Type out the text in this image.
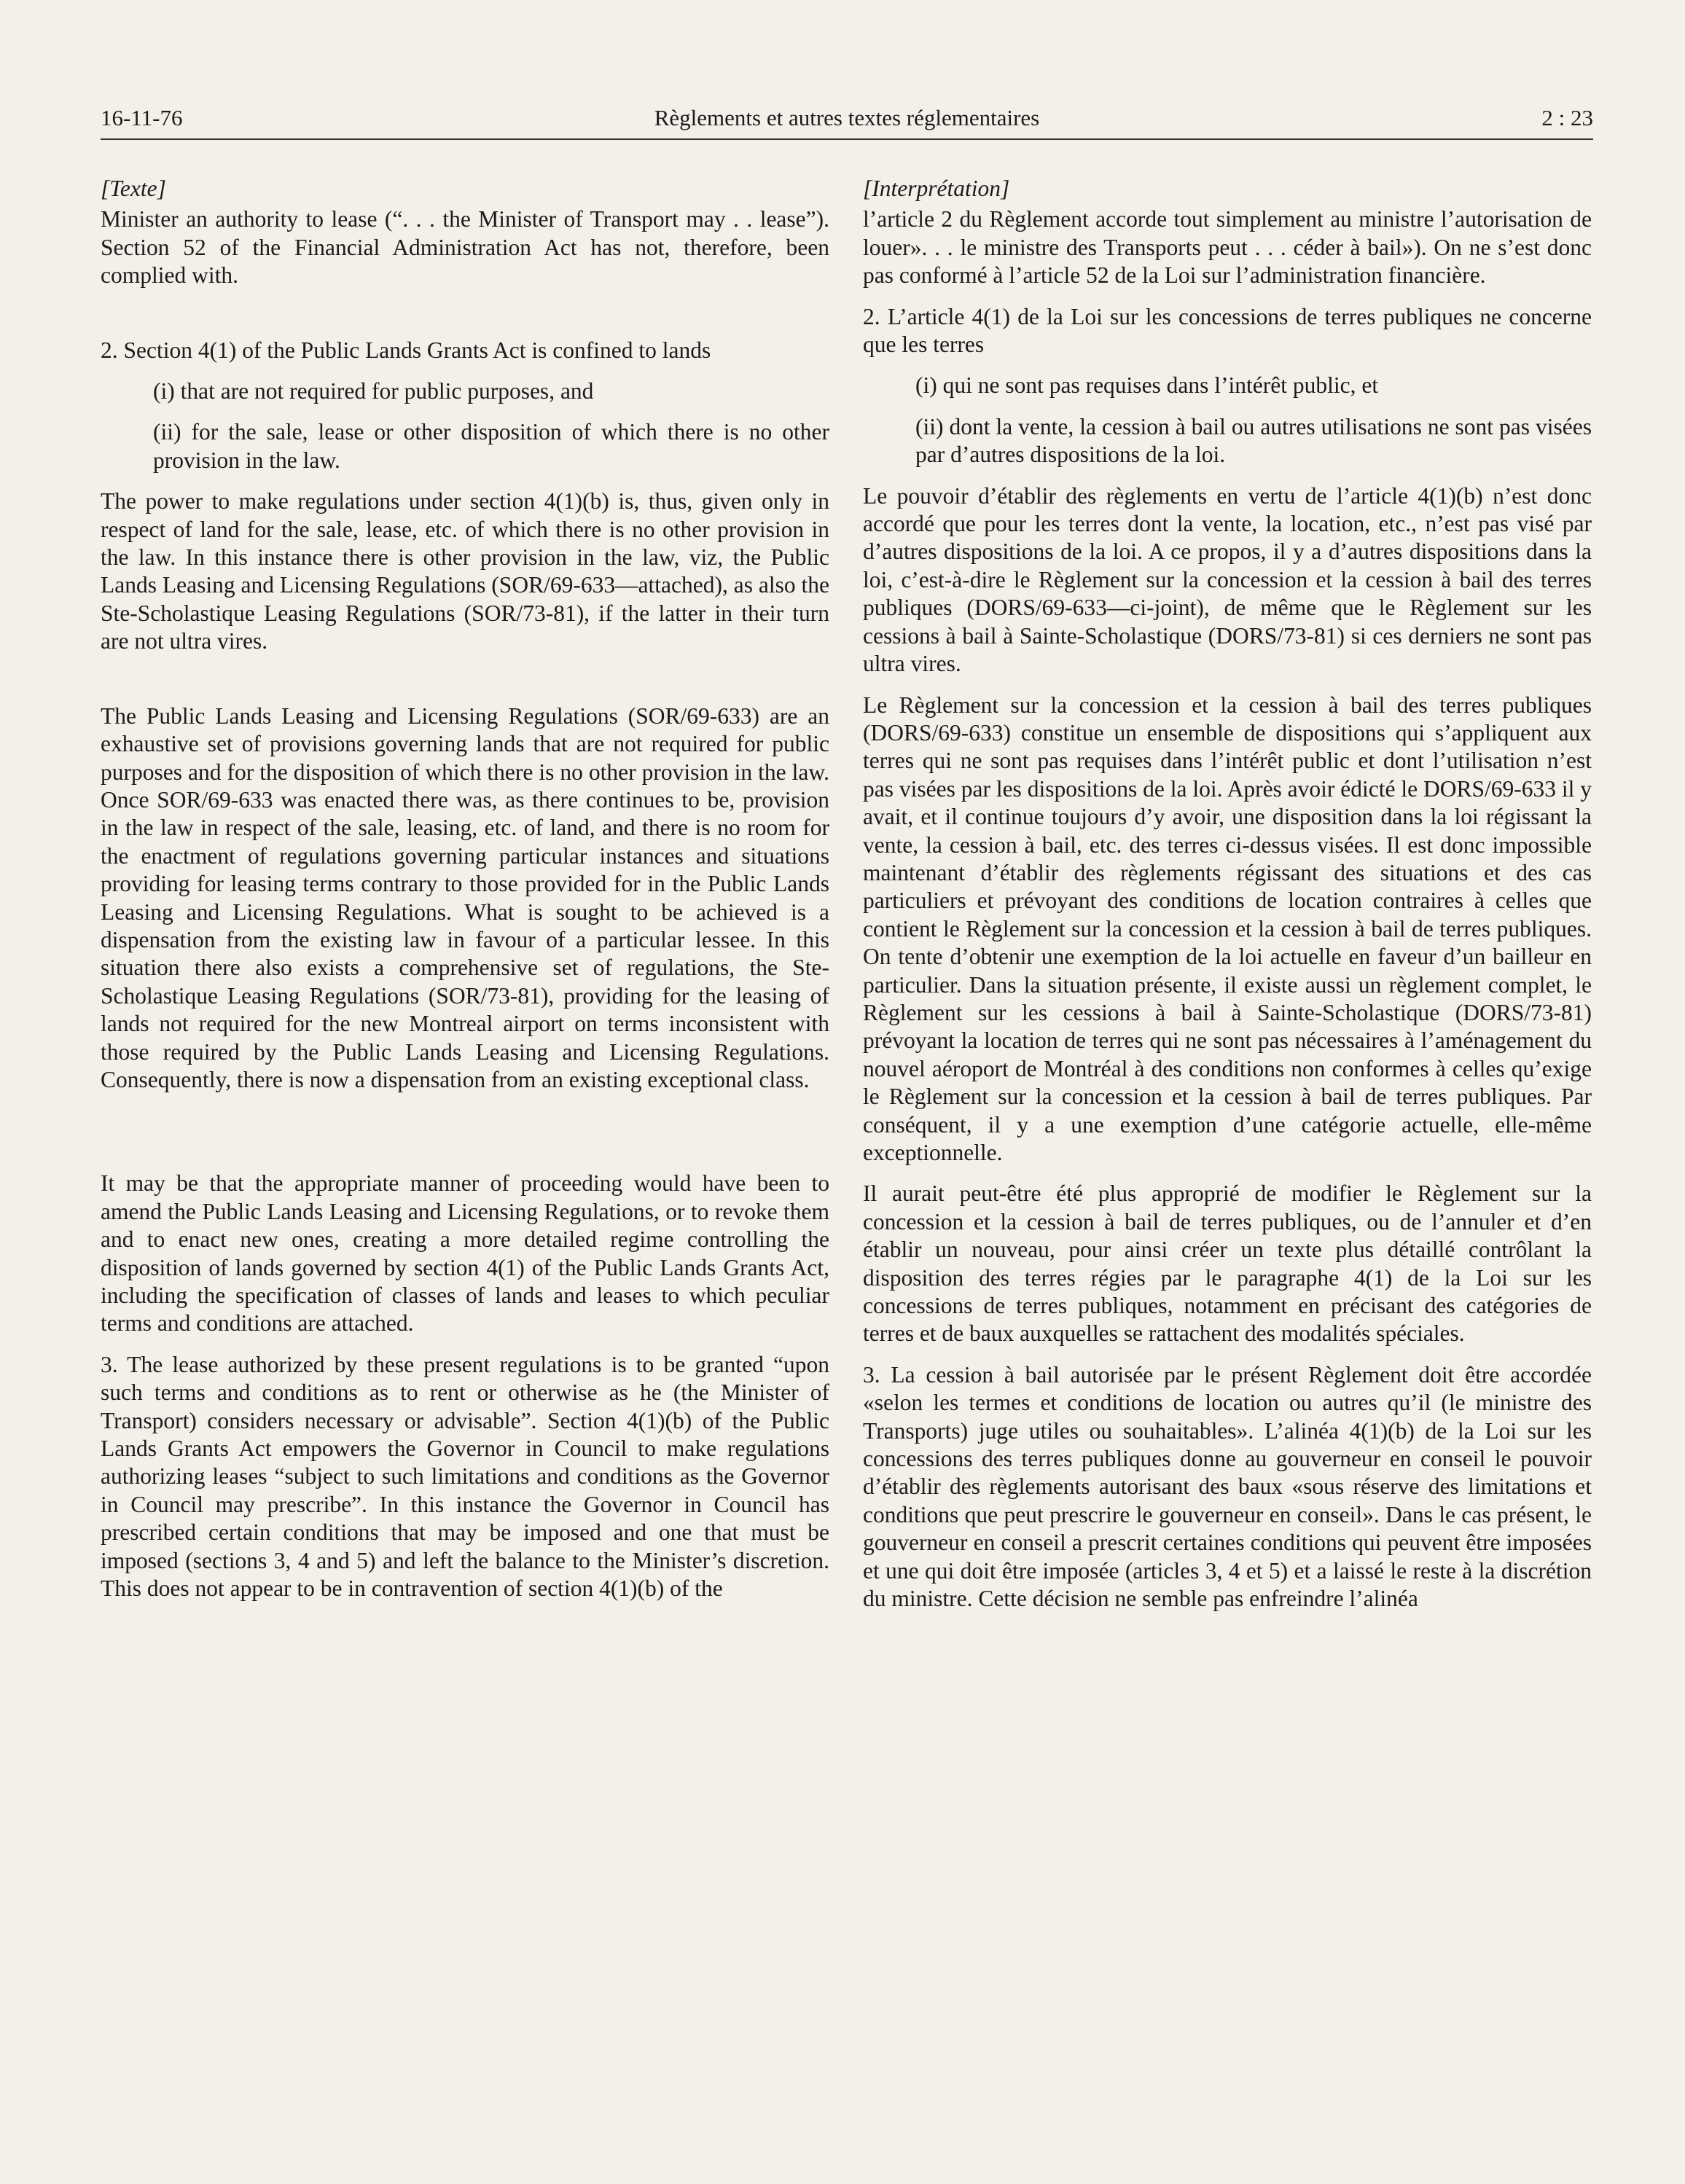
16-11-76	Règlements et autres textes réglementaires	2 : 23
[Texte]

Minister an authority to lease (“. . . the Minister of Transport may . . lease”). Section 52 of the Financial Administration Act has not, therefore, been complied with.

2. Section 4(1) of the Public Lands Grants Act is confined to lands

(i) that are not required for public purposes, and

(ii) for the sale, lease or other disposition of which there is no other provision in the law.

The power to make regulations under section 4(1)(b) is, thus, given only in respect of land for the sale, lease, etc. of which there is no other provision in the law. In this instance there is other provision in the law, viz, the Public Lands Leasing and Licensing Regulations (SOR/69-633—attached), as also the Ste-Scholastique Leasing Regulations (SOR/73-81), if the latter in their turn are not ultra vires.

The Public Lands Leasing and Licensing Regulations (SOR/69-633) are an exhaustive set of provisions governing lands that are not required for public purposes and for the disposition of which there is no other provision in the law. Once SOR/69-633 was enacted there was, as there continues to be, provision in the law in respect of the sale, leasing, etc. of land, and there is no room for the enactment of regulations governing particular instances and situations providing for leasing terms contrary to those provided for in the Public Lands Leasing and Licensing Regulations. What is sought to be achieved is a dispensation from the existing law in favour of a particular lessee. In this situation there also exists a comprehensive set of regulations, the Ste-Scholastique Leasing Regulations (SOR/73-81), providing for the leasing of lands not required for the new Montreal airport on terms inconsistent with those required by the Public Lands Leasing and Licensing Regulations. Consequently, there is now a dispensation from an existing exceptional class.

It may be that the appropriate manner of proceeding would have been to amend the Public Lands Leasing and Licensing Regulations, or to revoke them and to enact new ones, creating a more detailed regime controlling the disposition of lands governed by section 4(1) of the Public Lands Grants Act, including the specification of classes of lands and leases to which peculiar terms and conditions are attached.

3. The lease authorized by these present regulations is to be granted “upon such terms and conditions as to rent or otherwise as he (the Minister of Transport) considers necessary or advisable”. Section 4(1)(b) of the Public Lands Grants Act empowers the Governor in Council to make regulations authorizing leases “subject to such limitations and conditions as the Governor in Council may prescribe”. In this instance the Governor in Council has prescribed certain conditions that may be imposed and one that must be imposed (sections 3, 4 and 5) and left the balance to the Minister’s discretion. This does not appear to be in contravention of section 4(1)(b) of the

[Interprétation]

l’article 2 du Règlement accorde tout simplement au ministre l’autorisation de louer». . . le ministre des Transports peut . . . céder à bail»). On ne s’est donc pas conformé à l’article 52 de la Loi sur l’administration financière.

2. L’article 4(1) de la Loi sur les concessions de terres publiques ne concerne que les terres

(i) qui ne sont pas requises dans l’intérêt public, et

(ii) dont la vente, la cession à bail ou autres utilisations ne sont pas visées par d’autres dispositions de la loi.

Le pouvoir d’établir des règlements en vertu de l’article 4(1)(b) n’est donc accordé que pour les terres dont la vente, la location, etc., n’est pas visé par d’autres dispositions de la loi. A ce propos, il y a d’autres dispositions dans la loi, c’est-à-dire le Règlement sur la concession et la cession à bail des terres publiques (DORS/69-633—ci-joint), de même que le Règlement sur les cessions à bail à Sainte-Scholastique (DORS/73-81) si ces derniers ne sont pas ultra vires.

Le Règlement sur la concession et la cession à bail des terres publiques (DORS/69-633) constitue un ensemble de dispositions qui s’appliquent aux terres qui ne sont pas requises dans l’intérêt public et dont l’utilisation n’est pas visées par les dispositions de la loi. Après avoir édicté le DORS/69-633 il y avait, et il continue toujours d’y avoir, une disposition dans la loi régissant la vente, la cession à bail, etc. des terres ci-dessus visées. Il est donc impossible maintenant d’établir des règlements régissant des situations et des cas particuliers et prévoyant des conditions de location contraires à celles que contient le Règlement sur la concession et la cession à bail de terres publiques. On tente d’obtenir une exemption de la loi actuelle en faveur d’un bailleur en particulier. Dans la situation présente, il existe aussi un règlement complet, le Règlement sur les cessions à bail à Sainte-Scholastique (DORS/73-81) prévoyant la location de terres qui ne sont pas nécessaires à l’aménagement du nouvel aéroport de Montréal à des conditions non conformes à celles qu’exige le Règlement sur la concession et la cession à bail de terres publiques. Par conséquent, il y a une exemption d’une catégorie actuelle, elle-même exceptionnelle.

Il aurait peut-être été plus approprié de modifier le Règlement sur la concession et la cession à bail de terres publiques, ou de l’annuler et d’en établir un nouveau, pour ainsi créer un texte plus détaillé contrôlant la disposition des terres régies par le paragraphe 4(1) de la Loi sur les concessions de terres publiques, notamment en précisant des catégories de terres et de baux auxquelles se rattachent des modalités spéciales.

3. La cession à bail autorisée par le présent Règlement doit être accordée «selon les termes et conditions de location ou autres qu’il (le ministre des Transports) juge utiles ou souhaitables». L’alinéa 4(1)(b) de la Loi sur les concessions des terres publiques donne au gouverneur en conseil le pouvoir d’établir des règlements autorisant des baux «sous réserve des limitations et conditions que peut prescrire le gouverneur en conseil». Dans le cas présent, le gouverneur en conseil a prescrit certaines conditions qui peuvent être imposées et une qui doit être imposée (articles 3, 4 et 5) et a laissé le reste à la discrétion du ministre. Cette décision ne semble pas enfreindre l’alinéa
